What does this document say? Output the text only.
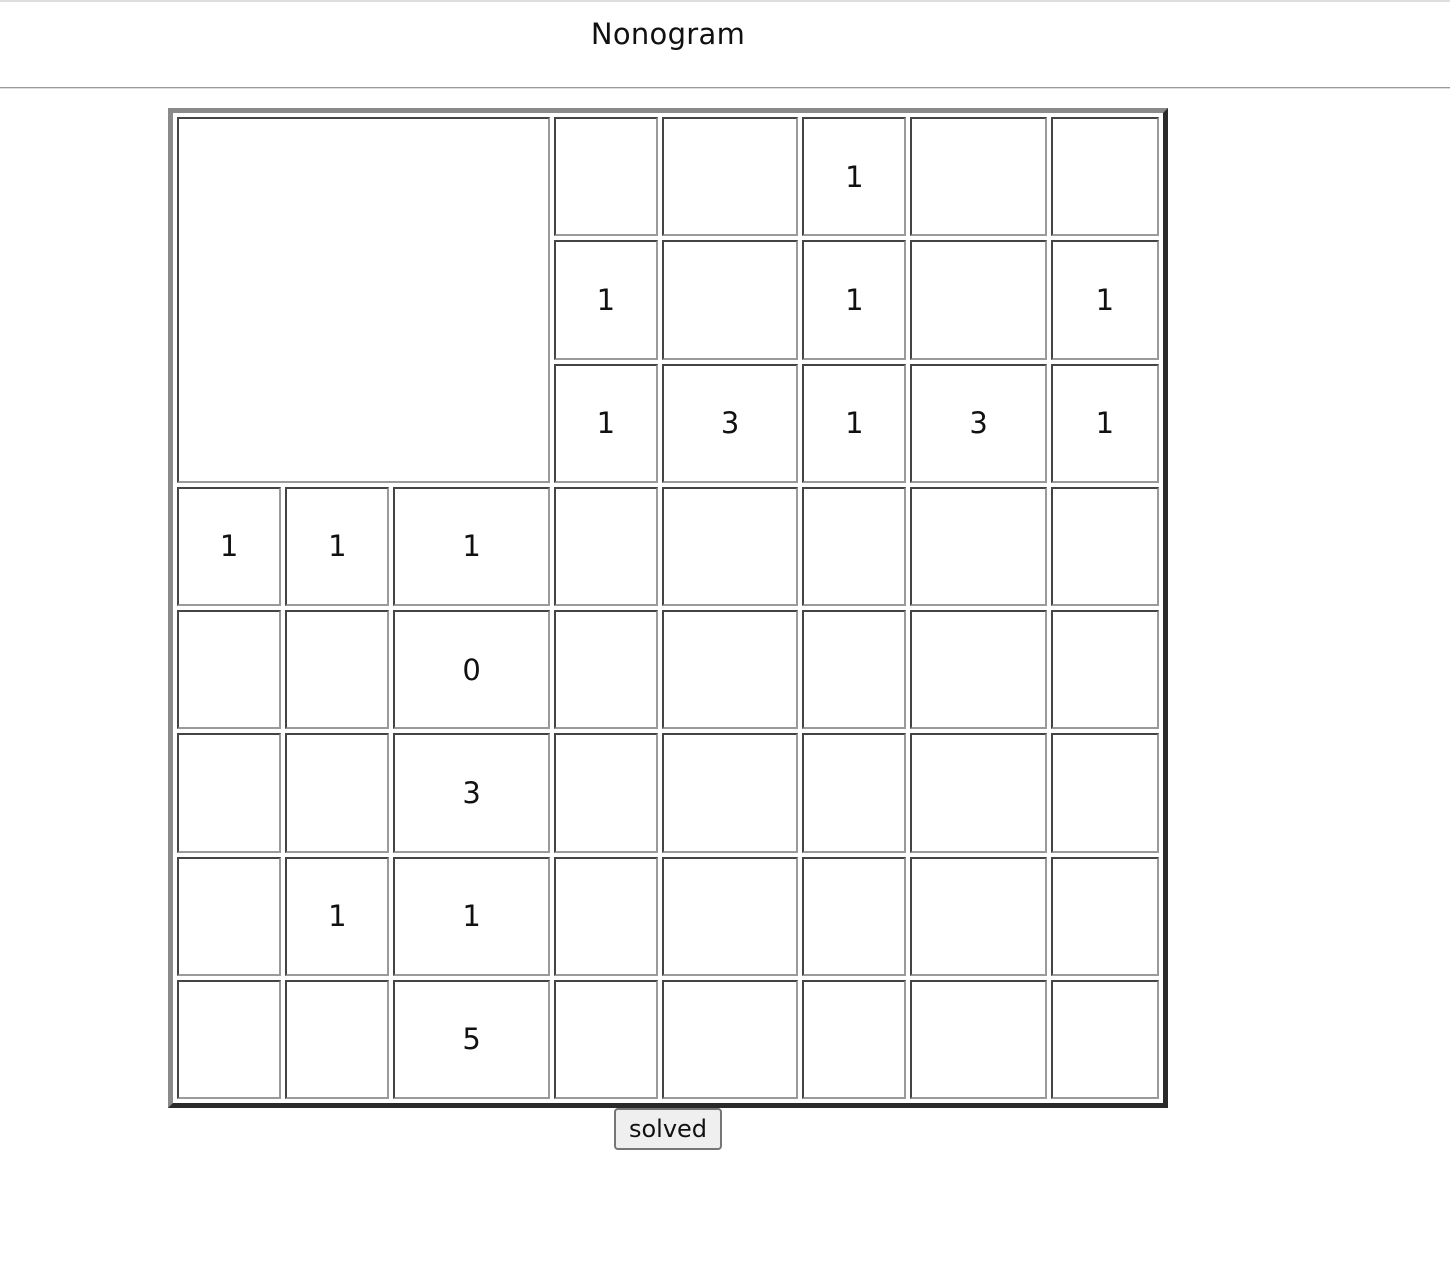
Nonogram
					1		
			1		1		1
			1	3	1	3	1
1	1	1					
		0					
		3					
	1	1					
		5					
solved
